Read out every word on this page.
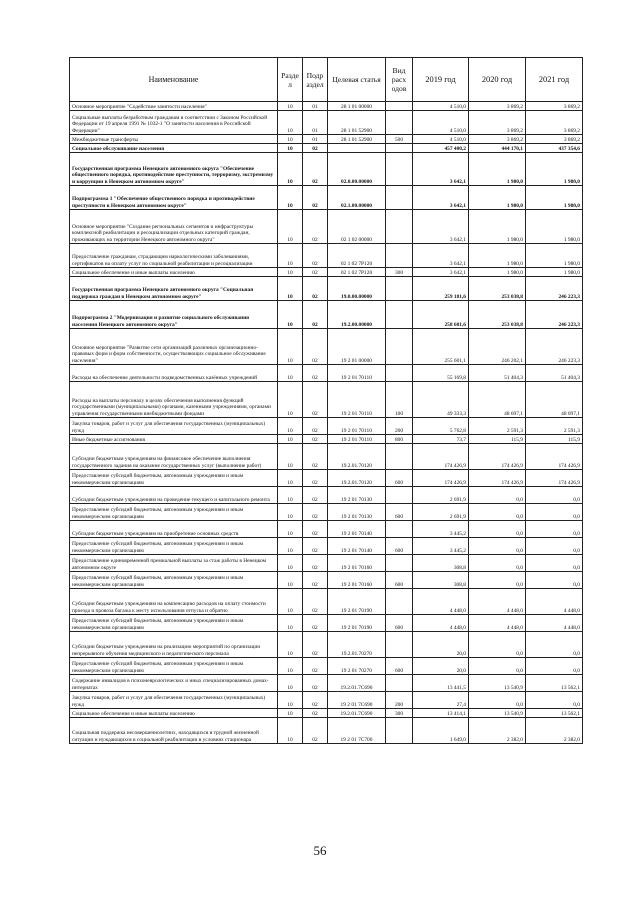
Наименование	Разде л	Подр аздел	Целевая статья	Вид расх одов	2019 год	2020 год	2021 год
Основное мероприятие "Содействие занятости населения"	10	01	28 1 01 00000		4 510,0	3 869,2	3 869,2
Социальные выплаты безработным гражданам в соответствии с Законом Российской Федерации от 19 апреля 1991 № 1032-1 "О занятости населения в Российской Федерации"	10	01	28 1 01 52900		4 510,0	3 869,2	3 869,2
Межбюджетные трансферты	10	01	28 1 01 52900	500	4 510,0	3 869,2	3 869,2
Социальное обслуживание населения	10	02			457 400,2	444 170,1	437 354,6
Государственная программа Ненецкого автономного округа "Обеспечение общественного порядка, противодействие преступности, терроризму, экстремизму и коррупции в Ненецком автономном округе"	10	02	02.0.00.00000		3 642,1	1 980,0	1 980,0
Подпрограмма 1 "Обеспечение общественного порядка и противодействие преступности в Ненецком автономном округе"	10	02	02.1.00.00000		3 642,1	1 980,0	1 980,0
Основное мероприятие "Создание региональных сегментов и инфраструктуры комплексной реабилитации и ресоциализации отдельных категорий граждан, проживающих на территории Ненецкого автономного округа"	10	02	02 1 02 00000		3 642,1	1 980,0	1 980,0
Предоставление гражданам, страдающим наркологическими заболеваниями, сертификатов на оплату услуг по социальной реабилитации и ресоциализации	10	02	02 1 02 7P120		3 642,1	1 980,0	1 980,0
Социальное обеспечение и иные выплаты населению	10	02	02 1 02 7P120	300	3 642,1	1 980,0	1 980,0
Государственная программа Ненецкого автономного округа "Социальная поддержка граждан в Ненецком автономном округе"	10	02	19.0.00.00000		259 181,6	253 038,8	246 223,3
Подпрограмма 2 "Модернизация и развитие социального обслуживания населения Ненецкого автономного округа"	10	02	19.2.00.00000		258 601,6	253 038,8	246 223,3
Основное мероприятие "Развитие сети организаций различных организационно-правовых форм и форм собственности, осуществляющих социальное обслуживание населения"	10	02	19 2 01 00000		255 601,1	246 202,1	246 223,3
Расходы на обеспечение деятельности подведомственных казённых учреждений	10	02	19 2 01 70110		55 169,8	51 404,3	51 404,3
Расходы на выплаты персоналу в целях обеспечения выполнения функций государственными (муниципальными) органами, казенными учреждениями, органами управления государственными внебюджетными фондами	10	02	19 2 01 70110	100	49 333,3	48 697,1	48 697,1
Закупка товаров, работ и услуг для обеспечения государственных (муниципальных) нужд	10	02	19 2 01 70110	200	5 762,8	2 591,3	2 591,3
Иные бюджетные ассигнования	10	02	19 2 01 70110	800	73,7	115,9	115,9
Субсидии бюджетным учреждениям на финансовое обеспечение выполнения государственного задания на оказание государственных услуг (выполнение работ)	10	02	19.2.01.70120		174 426,9	174 426,9	174 426,9
Предоставление субсидий бюджетным, автономным учреждениям и иным некоммерческим организациям	10	02	19.2.01.70120	600	174 426,9	174 426,9	174 426,9
Субсидии бюджетным учреждениям на проведение текущего и капитального ремонта	10	02	19 2 01 70130		2 691,9	0,0	0,0
Предоставление субсидий бюджетным, автономным учреждениям и иным некоммерческим организациям	10	02	19 2 01 70130	600	2 691,9	0,0	0,0
Субсидии бюджетным учреждениям на приобретение основных средств	10	02	19 2 01 70140		3 445,2	0,0	0,0
Предоставление субсидий бюджетным, автономным учреждениям и иным некоммерческим организациям	10	02	19 2 01 70140	600	3 445,2	0,0	0,0
Предоставление единовременной премиальной выплаты за стаж работы в Ненецком автономном округе	10	02	19 2 01 70160		308,8	0,0	0,0
Предоставление субсидий бюджетным, автономным учреждениям и иным некоммерческим организациям	10	02	19 2 01 70160	600	308,8	0,0	0,0
Субсидии бюджетным учреждениям на компенсацию расходов на оплату стоимости проезда и провоза багажа к месту использования отпуска и обратно	10	02	19 2 01 70190		4 448,0	4 448,0	4 448,0
Предоставление субсидий бюджетным, автономным учреждениям и иным некоммерческим организациям	10	02	19 2 01 70190	600	4 448,0	4 448,0	4 448,0
Субсидии бюджетным учреждениям на реализацию мероприятий по организации непрерывного обучения медицинского и педагогического персонала	10	02	19.2.01.70270		20,0	0,0	0,0
Предоставление субсидий бюджетным, автономным учреждениям и иным некоммерческим организациям	10	02	19 2 01 70270	600	20,0	0,0	0,0
Содержание инвалидов в психоневрологических и иных специализированных домах-интернатах	10	02	19.2.01.7C690		13 441,5	13 540,9	13 562,1
Закупка товаров, работ и услуг для обеспечения государственных (муниципальных) нужд	10	02	19 2 01 7C690	200	27,4	0,0	0,0
Социальное обеспечение и иные выплаты населению	10	02	19.2.01.7C690	300	13 414,1	13 540,9	13 562,1
Социальная поддержка несовершеннолетних, находящихся в трудной жизненной ситуации и нуждающихся в социальной реабилитации в условиях стационара	10	02	19 2 01 7C700		1 649,0	2 382,0	2 382,0
56
